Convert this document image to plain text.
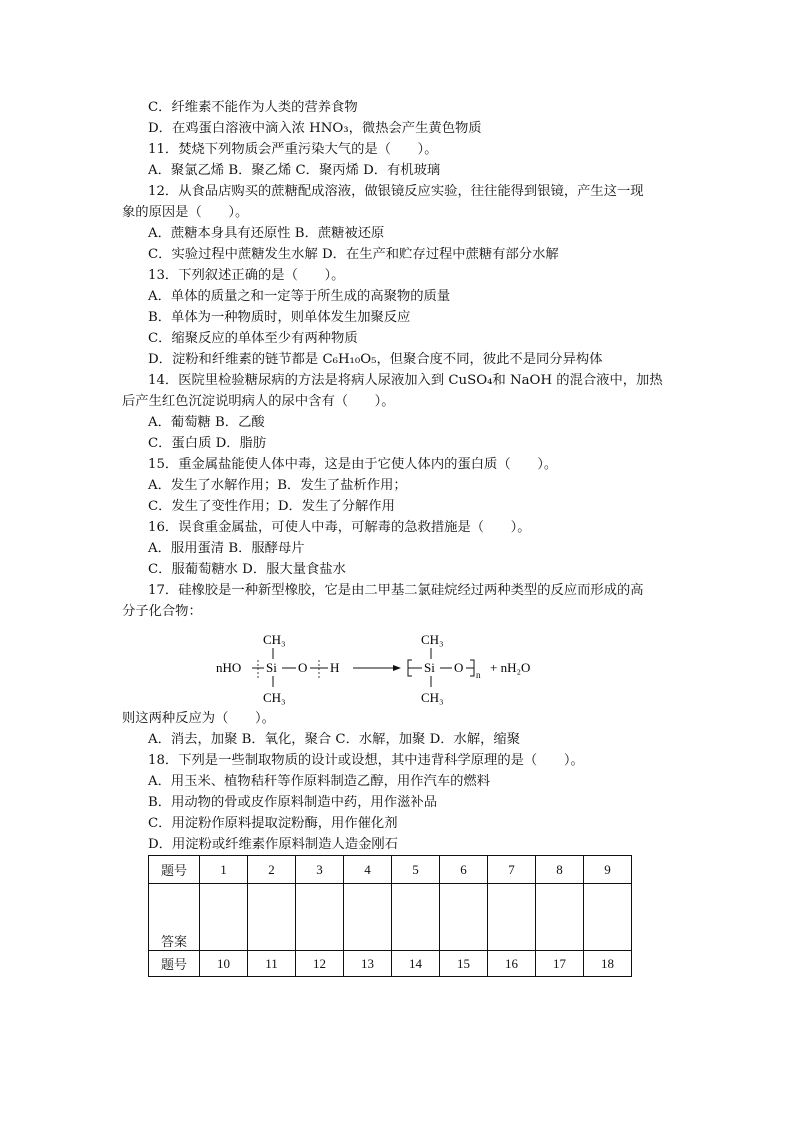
C．纤维素不能作为人类的营养食物
D．在鸡蛋白溶液中滴入浓 HNO₃，微热会产生黄色物质
11．焚烧下列物质会严重污染大气的是（　　）。
A．聚氯乙烯 B．聚乙烯 C．聚丙烯 D．有机玻璃
12．从食品店购买的蔗糖配成溶液，做银镜反应实验，往往能得到银镜，产生这一现
象的原因是（　　）。
A．蔗糖本身具有还原性 B．蔗糖被还原
C．实验过程中蔗糖发生水解 D．在生产和贮存过程中蔗糖有部分水解
13．下列叙述正确的是（　　）。
A．单体的质量之和一定等于所生成的高聚物的质量
B．单体为一种物质时，则单体发生加聚反应
C．缩聚反应的单体至少有两种物质
D．淀粉和纤维素的链节都是 C₆H₁₀O₅，但聚合度不同，彼此不是同分异构体
14．医院里检验糖尿病的方法是将病人尿液加入到 CuSO₄和 NaOH 的混合液中，加热
后产生红色沉淀说明病人的尿中含有（　　）。
A．葡萄糖 B．乙酸
C．蛋白质 D．脂肪
15．重金属盐能使人体中毒，这是由于它使人体内的蛋白质（　　）。
A．发生了水解作用；B．发生了盐析作用；
C．发生了变性作用；D．发生了分解作用
16．误食重金属盐，可使人中毒，可解毒的急救措施是（　　）。
A．服用蛋清 B．服酵母片
C．服葡萄糖水 D．服大量食盐水
17．硅橡胶是一种新型橡胶，它是由二甲基二氯硅烷经过两种类型的反应而形成的高
分子化合物：
nHO Si O H
CH₃
CH₃
Si O n
CH₃
CH₃
+ nH₂O
则这两种反应为（　　）。
A．消去，加聚 B．氧化，聚合 C．水解，加聚 D．水解，缩聚
18．下列是一些制取物质的设计或设想，其中违背科学原理的是（　　）。
A．用玉米、植物秸秆等作原料制造乙醇，用作汽车的燃料
B．用动物的骨或皮作原料制造中药，用作滋补品
C．用淀粉作原料提取淀粉酶，用作催化剂
D．用淀粉或纤维素作原料制造人造金刚石
题号	1	2	3	4	5	6	7	8	9
答案									
题号	10	11	12	13	14	15	16	17	18
